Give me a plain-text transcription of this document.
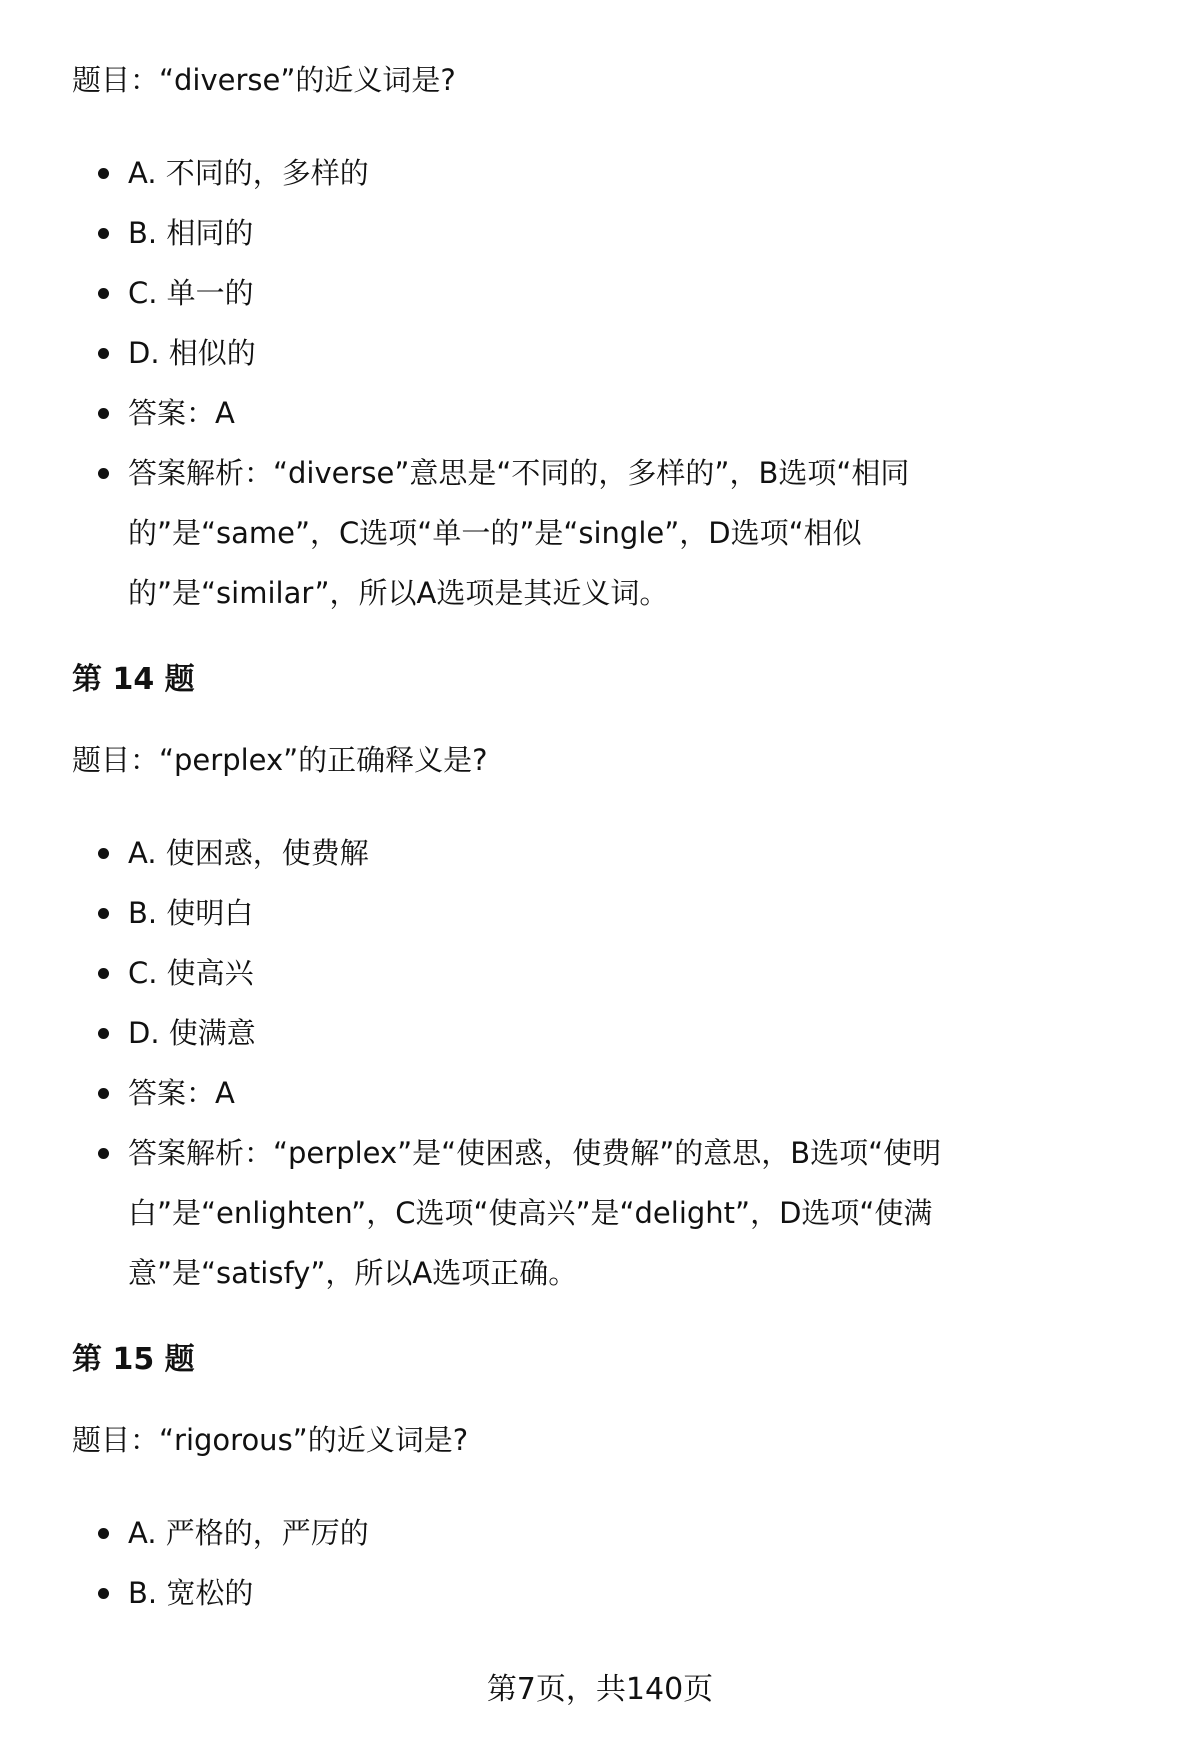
题目：“diverse”的近义词是?

A. 不同的，多样的
B. 相同的
C. 单一的
D. 相似的
答案：A
答案解析：“diverse”意思是“不同的，多样的”，B选项“相同的”是“same”，C选项“单一的”是“single”，D选项“相似的”是“similar”，所以A选项是其近义词。
第 14 题

题目：“perplex”的正确释义是?

A. 使困惑，使费解
B. 使明白
C. 使高兴
D. 使满意
答案：A
答案解析：“perplex”是“使困惑，使费解”的意思，B选项“使明白”是“enlighten”，C选项“使高兴”是“delight”，D选项“使满意”是“satisfy”，所以A选项正确。
第 15 题

题目：“rigorous”的近义词是?

A. 严格的，严厉的
B. 宽松的
第7页，共140页
